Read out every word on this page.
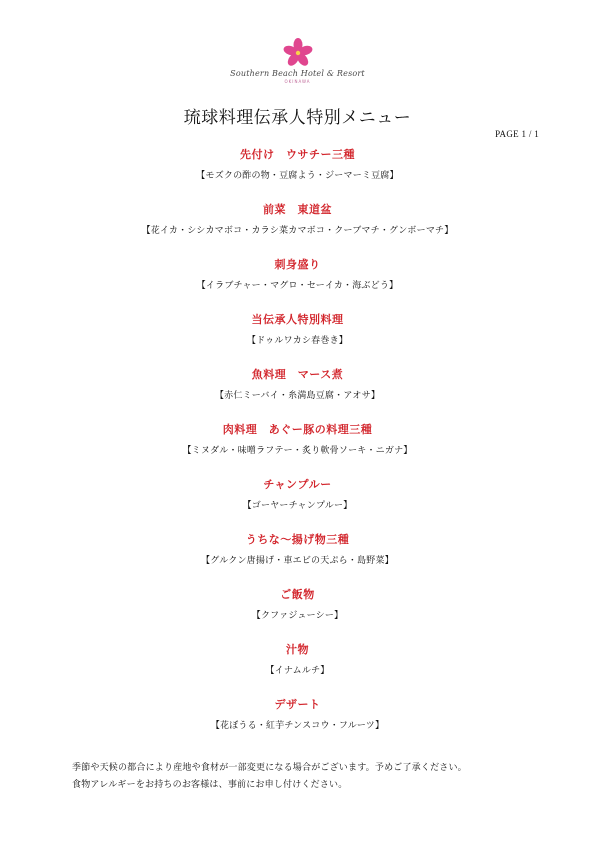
Southern Beach Hotel & Resort
OKINAWA
琉球料理伝承人特別メニュー
PAGE 1 / 1
先付け　ウサチー三種
【モズクの酢の物・豆腐よう・ジーマーミ豆腐】
前菜　東道盆
【花イカ・シシカマボコ・カラシ菜カマボコ・クーブマチ・グンボーマチ】
刺身盛り
【イラブチャー・マグロ・セーイカ・海ぶどう】
当伝承人特別料理
【ドゥルワカシ春巻き】
魚料理　マース煮
【赤仁ミーバイ・糸満島豆腐・アオサ】
肉料理　あぐー豚の料理三種
【ミヌダル・味噌ラフテー・炙り軟骨ソーキ・ニガナ】
チャンプルー
【ゴーヤーチャンプルー】
うちな～揚げ物三種
【グルクン唐揚げ・車エビの天ぷら・島野菜】
ご飯物
【クファジューシー】
汁物
【イナムルチ】
デザート
【花ぼうる・紅芋チンスコウ・フルーツ】
季節や天候の都合により産地や食材が一部変更になる場合がございます。予めご了承ください。
食物アレルギーをお持ちのお客様は、事前にお申し付けください。
